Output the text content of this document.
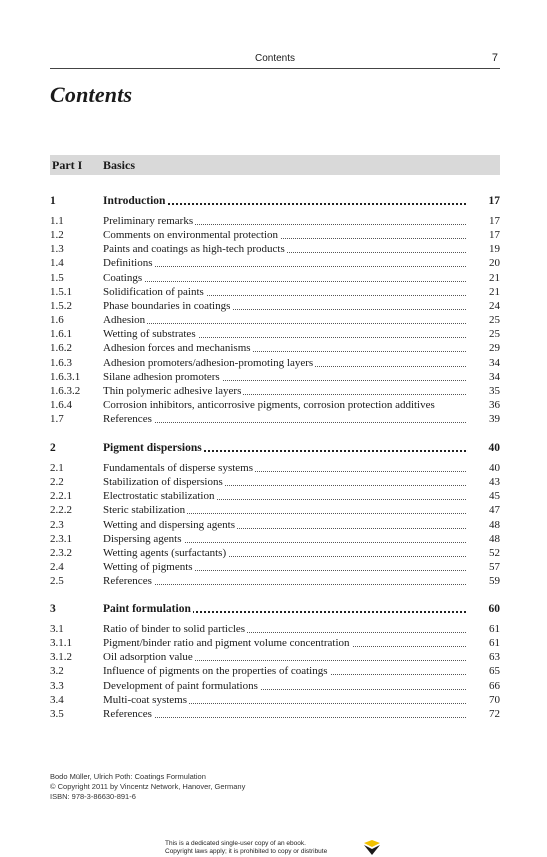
Contents	7
Contents
Part I Basics
1	Introduction	17
1.1	Preliminary remarks	17
1.2	Comments on environmental protection	17
1.3	Paints and coatings as high-tech products	19
1.4	Definitions	20
1.5	Coatings	21
1.5.1	Solidification of paints	21
1.5.2	Phase boundaries in coatings	24
1.6	Adhesion	25
1.6.1	Wetting of substrates	25
1.6.2	Adhesion forces and mechanisms	29
1.6.3	Adhesion promoters/adhesion-promoting layers	34
1.6.3.1 Silane adhesion promoters	34
1.6.3.2 Thin polymeric adhesive layers	35
1.6.4	Corrosion inhibitors, anticorrosive pigments, corrosion protection additives	36
1.7	References	39
2	Pigment dispersions	40
2.1	Fundamentals of disperse systems	40
2.2	Stabilization of dispersions	43
2.2.1	Electrostatic stabilization	45
2.2.2	Steric stabilization	47
2.3	Wetting and dispersing agents	48
2.3.1	Dispersing agents	48
2.3.2	Wetting agents (surfactants)	52
2.4	Wetting of pigments	57
2.5	References	59
3	Paint formulation	60
3.1	Ratio of binder to solid particles	61
3.1.1	Pigment/binder ratio and pigment volume concentration	61
3.1.2	Oil adsorption value	63
3.2	Influence of pigments on the properties of coatings	65
3.3	Development of paint formulations	66
3.4	Multi-coat systems	70
3.5	References	72
Bodo Müller, Ulrich Poth: Coatings Formulation
© Copyright 2011 by Vincentz Network, Hanover, Germany
ISBN: 978-3-86630-891-6
This is a dedicated single-user copy of an ebook.
Copyright laws apply; it is prohibited to copy or distribute
